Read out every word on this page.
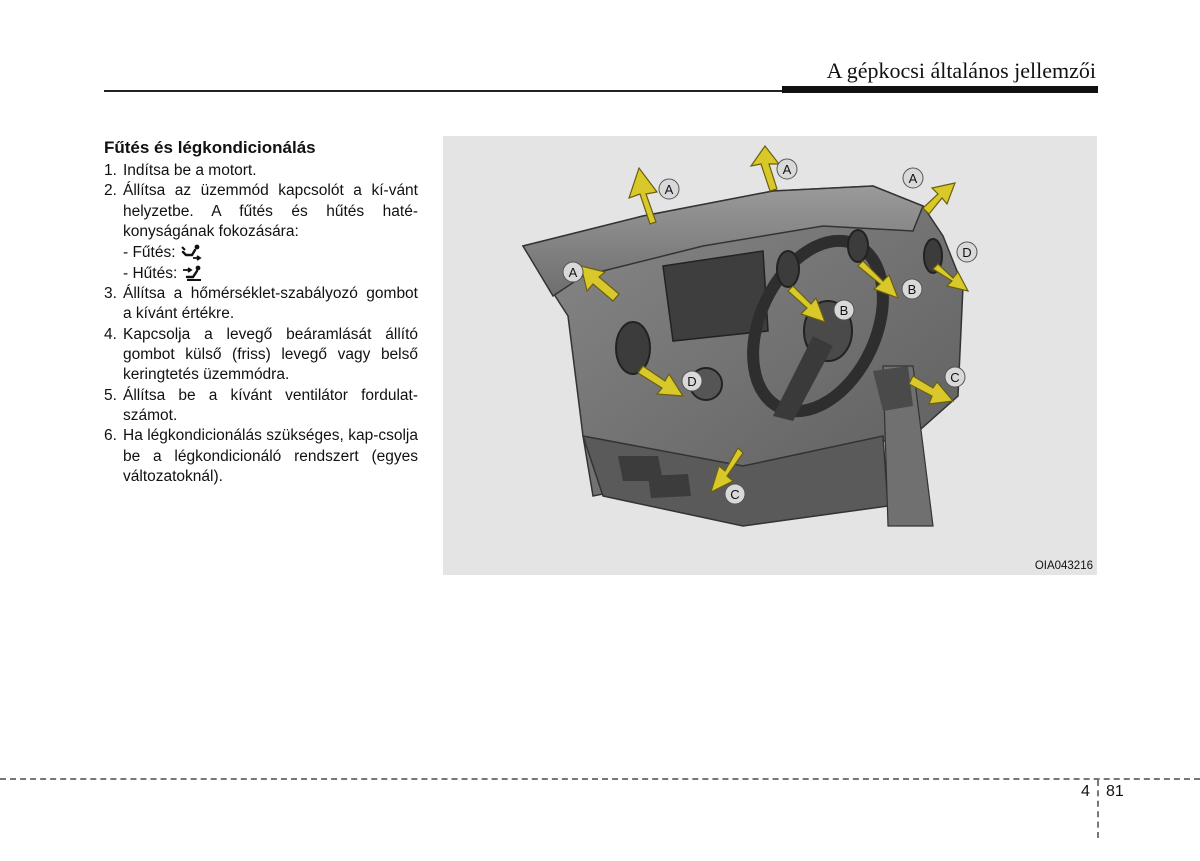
A gépkocsi általános jellemzői
Fűtés és légkondicionálás
1. Indítsa be a motort.
2. Állítsa az üzemmód kapcsolót a kí-vánt helyzetbe. A fűtés és hűtés haté-konyságának fokozására:
- Fűtés:
- Hűtés:
3. Állítsa a hőmérséklet-szabályozó gombot a kívánt értékre.
4. Kapcsolja a levegő beáramlását állító gombot külső (friss) levegő vagy belső keringtetés üzemmódra.
5. Állítsa be a kívánt ventilátor fordulat-számot.
6. Ha légkondicionálás szükséges, kap-csolja be a légkondicionáló rendszert (egyes változatoknál).
A
A
A
A
B
B
C
C
D
D
OIA043216
4 81
